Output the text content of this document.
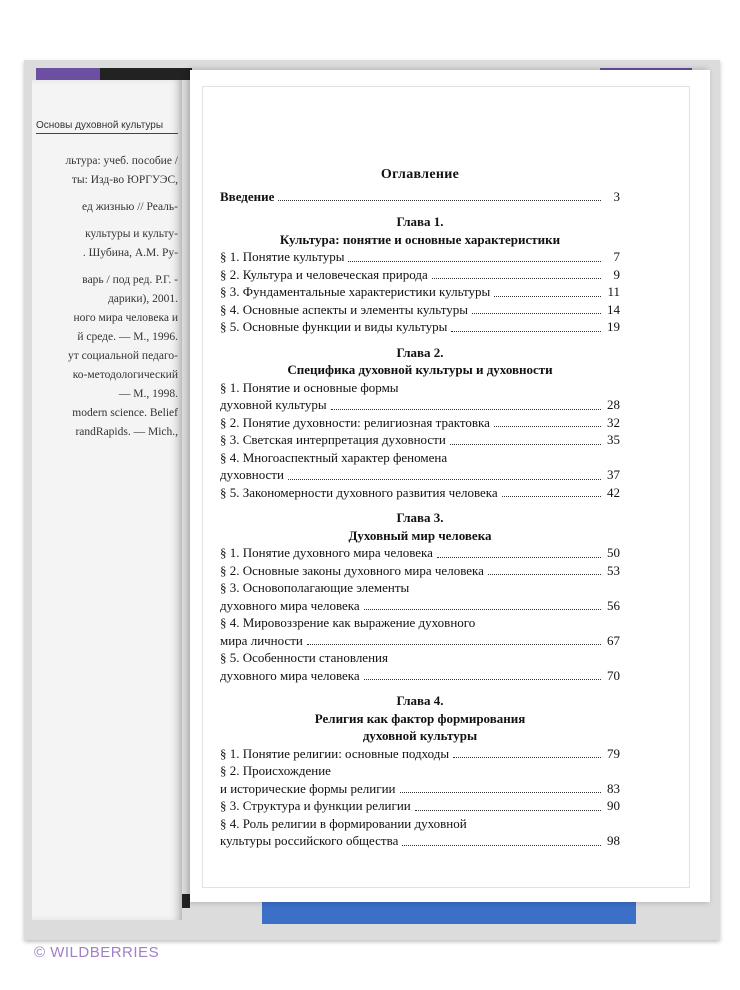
Основы духовной культуры
льтура: учеб. пособие /
ты: Изд-во ЮРГУЭС,
ед жизнью // Реаль-
культуры и культу-
. Шубина, А.М. Ру-
варь / под ред. Р.Г. -
дарики), 2001.
ного мира человека и
й среде. — М., 1996.
ут социальной педаго-
ко-методологический
— М., 1998.
modern science. Belief
randRapids. — Mich.,
Оглавление
Введение	3
Глава 1.
Культура: понятие и основные характеристики
§ 1. Понятие культуры	7
§ 2. Культура и человеческая природа	9
§ 3. Фундаментальные характеристики культуры	11
§ 4. Основные аспекты и элементы культуры	14
§ 5. Основные функции и виды культуры	19
Глава 2.
Специфика духовной культуры и духовности
§ 1. Понятие и основные формы
духовной культуры	28
§ 2. Понятие духовности: религиозная трактовка	32
§ 3. Светская интерпретация духовности	35
§ 4. Многоаспектный характер феномена
духовности	37
§ 5. Закономерности духовного развития человека	42
Глава 3.
Духовный мир человека
§ 1. Понятие духовного мира человека	50
§ 2. Основные законы духовного мира человека	53
§ 3. Основополагающие элементы
духовного мира человека	56
§ 4. Мировоззрение как выражение духовного
мира личности	67
§ 5. Особенности становления
духовного мира человека	70
Глава 4.
Религия как фактор формирования
духовной культуры
§ 1. Понятие религии: основные подходы	79
§ 2. Происхождение
и исторические формы религии	83
§ 3. Структура и функции религии	90
§ 4. Роль религии в формировании духовной
культуры российского общества	98
© WILDBERRIES
